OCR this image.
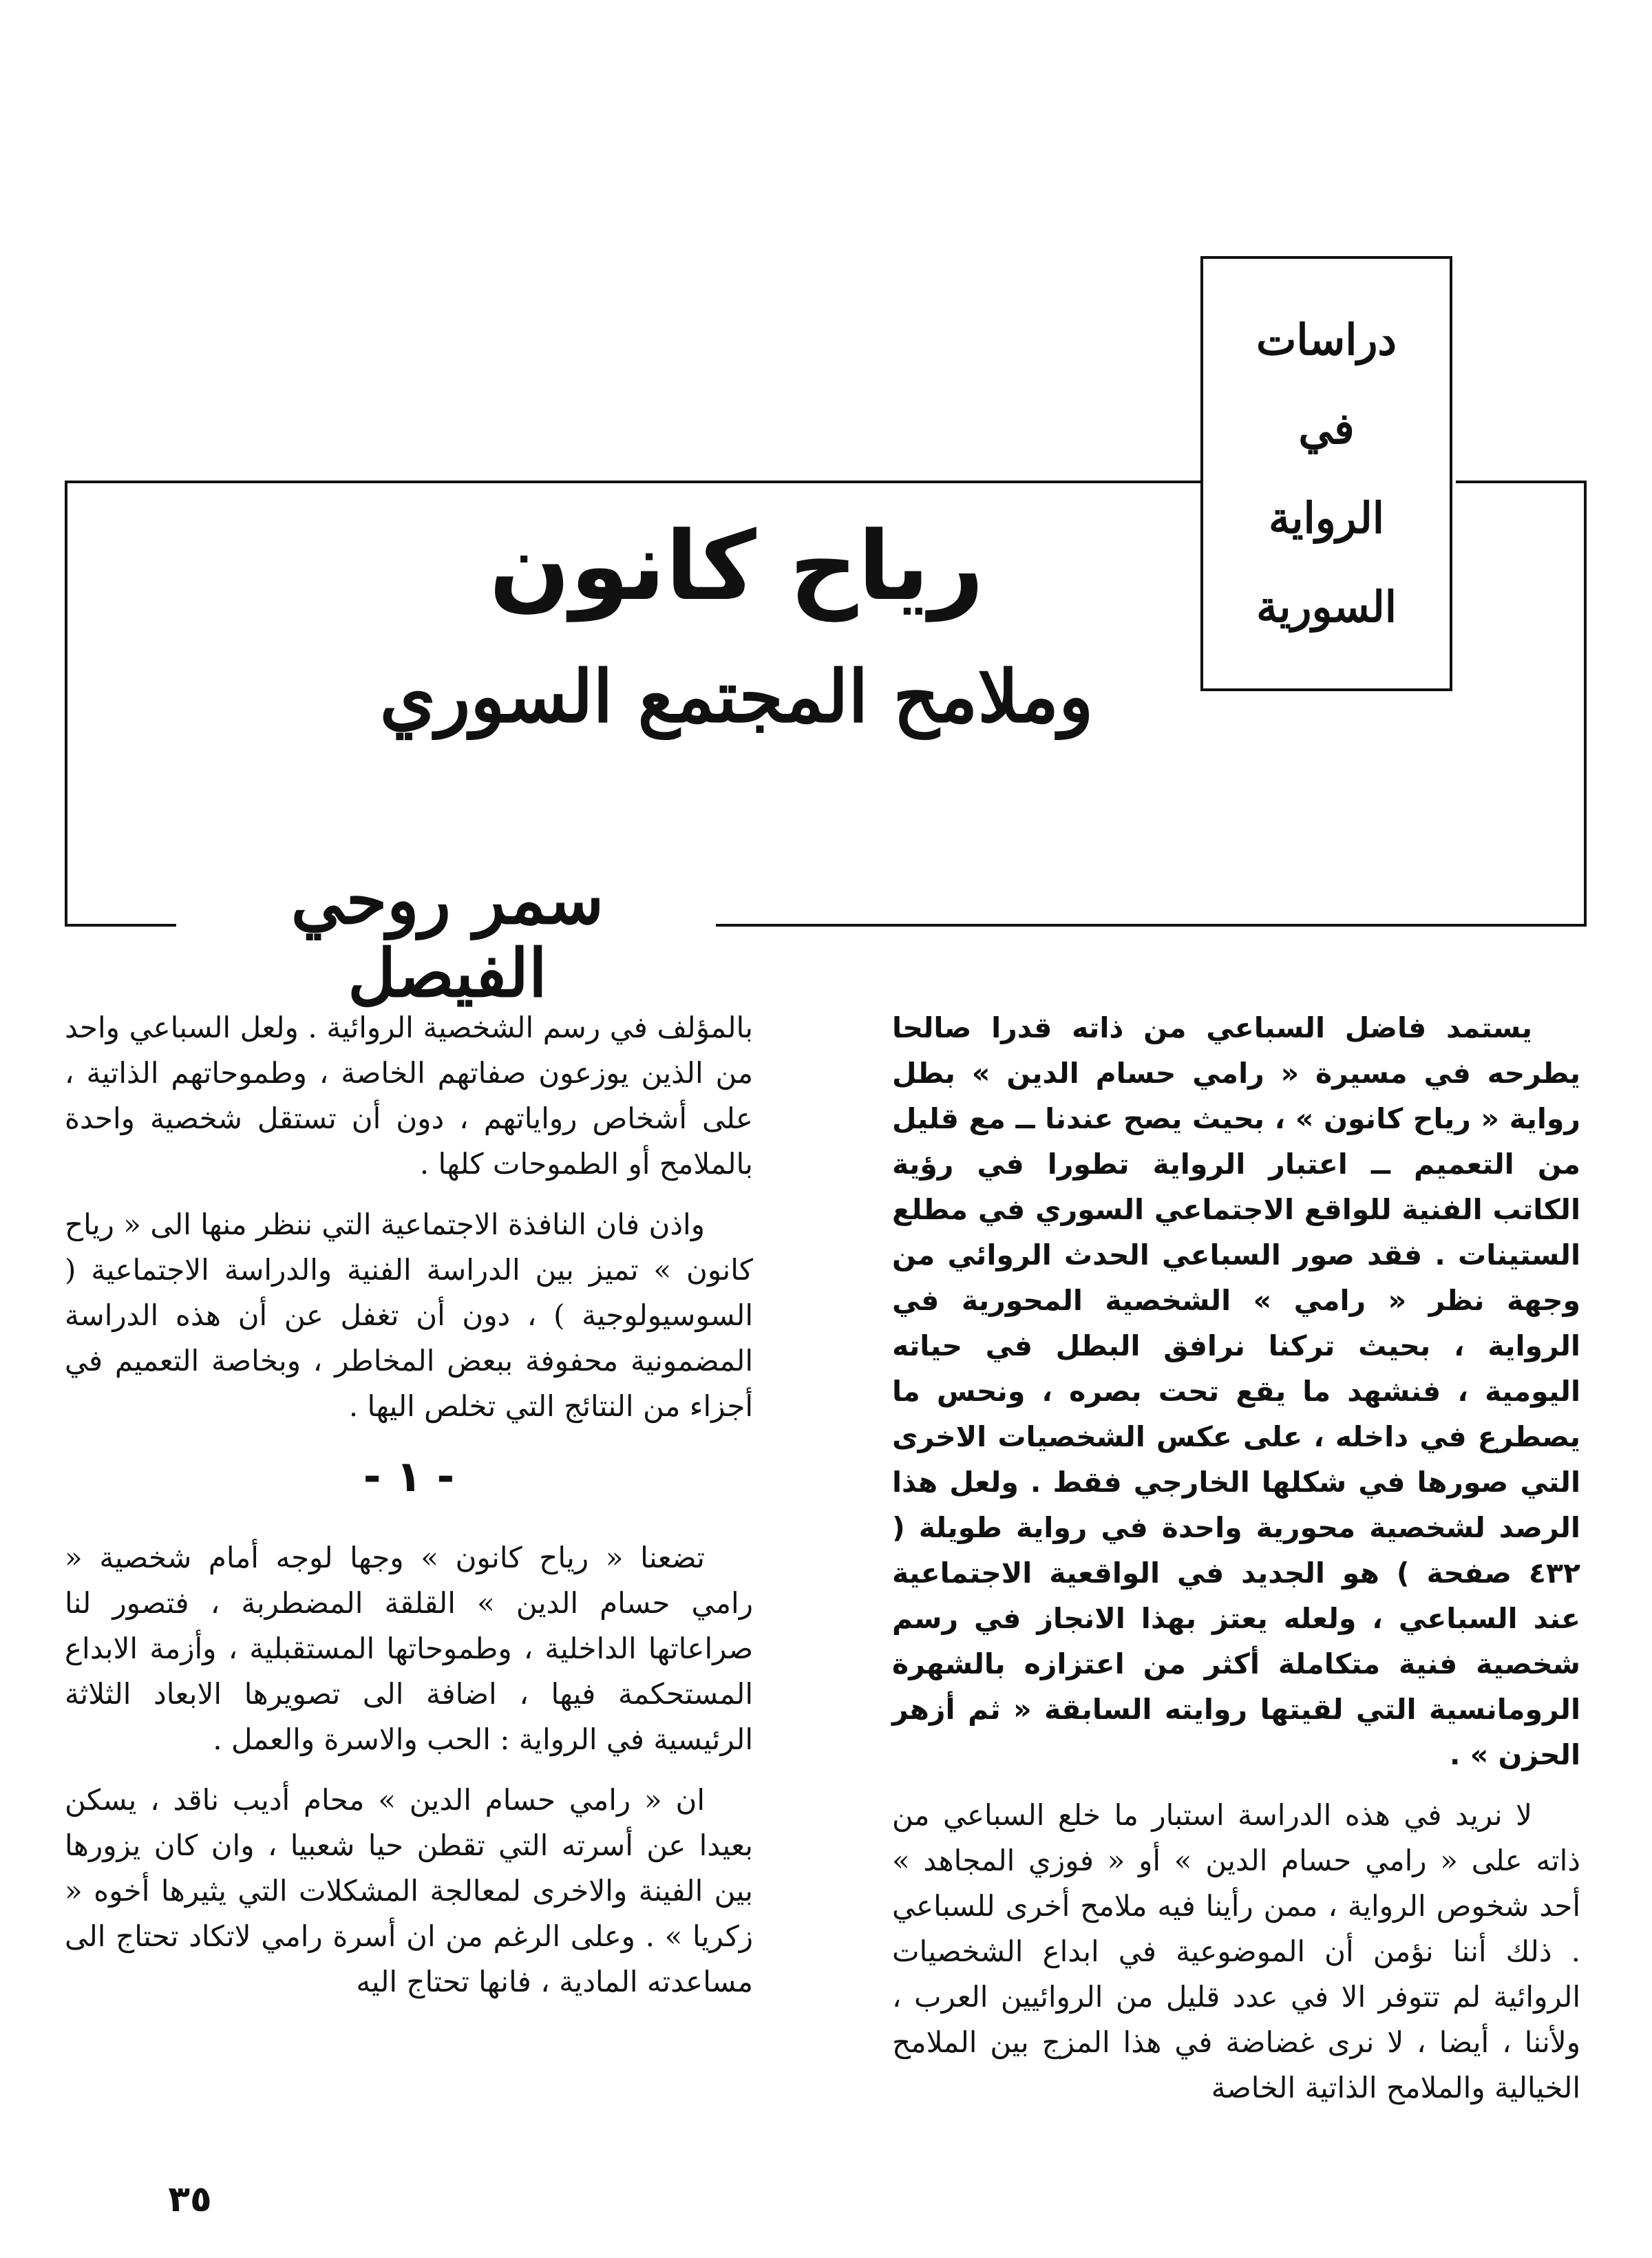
دراسات
في
الرواية
السورية
رياح كانون
وملامح المجتمع السوري
سمر روحي الفيصل

يستمد فاضل السباعي من ذاته قدرا صالحا يطرحه في مسيرة « رامي حسام الدين » بطل رواية « رياح كانون » ، بحيث يصح عندنا ــ مع قليل من التعميم ــ اعتبار الرواية تطورا في رؤية الكاتب الفنية للواقع الاجتماعي السوري في مطلع الستينات . فقد صور السباعي الحدث الروائي من وجهة نظر « رامي » الشخصية المحورية في الرواية ، بحيث تركنا نرافق البطل في حياته اليومية ، فنشهد ما يقع تحت بصره ، ونحس ما يصطرع في داخله ، على عكس الشخصيات الاخرى التي صورها في شكلها الخارجي فقط . ولعل هذا الرصد لشخصية محورية واحدة في رواية طويلة ( ٤٣٢ صفحة ) هو الجديد في الواقعية الاجتماعية عند السباعي ، ولعله يعتز بهذا الانجاز في رسم شخصية فنية متكاملة أكثر من اعتزازه بالشهرة الرومانسية التي لقيتها روايته السابقة « ثم أزهر الحزن » .

لا نريد في هذه الدراسة استبار ما خلع السباعي من ذاته على « رامي حسام الدين » أو « فوزي المجاهد » أحد شخوص الرواية ، ممن رأينا فيه ملامح أخرى للسباعي . ذلك أننا نؤمن أن الموضوعية في ابداع الشخصيات الروائية لم تتوفر الا في عدد قليل من الروائيين العرب ، ولأننا ، أيضا ، لا نرى غضاضة في هذا المزج بين الملامح الخيالية والملامح الذاتية الخاصة

بالمؤلف في رسم الشخصية الروائية . ولعل السباعي واحد من الذين يوزعون صفاتهم الخاصة ، وطموحاتهم الذاتية ، على أشخاص رواياتهم ، دون أن تستقل شخصية واحدة بالملامح أو الطموحات كلها .

واذن فان النافذة الاجتماعية التي ننظر منها الى « رياح كانون » تميز بين الدراسة الفنية والدراسة الاجتماعية ( السوسيولوجية ) ، دون أن تغفل عن أن هذه الدراسة المضمونية محفوفة ببعض المخاطر ، وبخاصة التعميم في أجزاء من النتائج التي تخلص اليها .

- ١ -

تضعنا « رياح كانون » وجها لوجه أمام شخصية « رامي حسام الدين » القلقة المضطربة ، فتصور لنا صراعاتها الداخلية ، وطموحاتها المستقبلية ، وأزمة الابداع المستحكمة فيها ، اضافة الى تصويرها الابعاد الثلاثة الرئيسية في الرواية : الحب والاسرة والعمل .

ان « رامي حسام الدين » محام أديب ناقد ، يسكن بعيدا عن أسرته التي تقطن حيا شعبيا ، وان كان يزورها بين الفينة والاخرى لمعالجة المشكلات التي يثيرها أخوه « زكريا » . وعلى الرغم من ان أسرة رامي لاتكاد تحتاج الى مساعدته المادية ، فانها تحتاج اليه

٣٥
